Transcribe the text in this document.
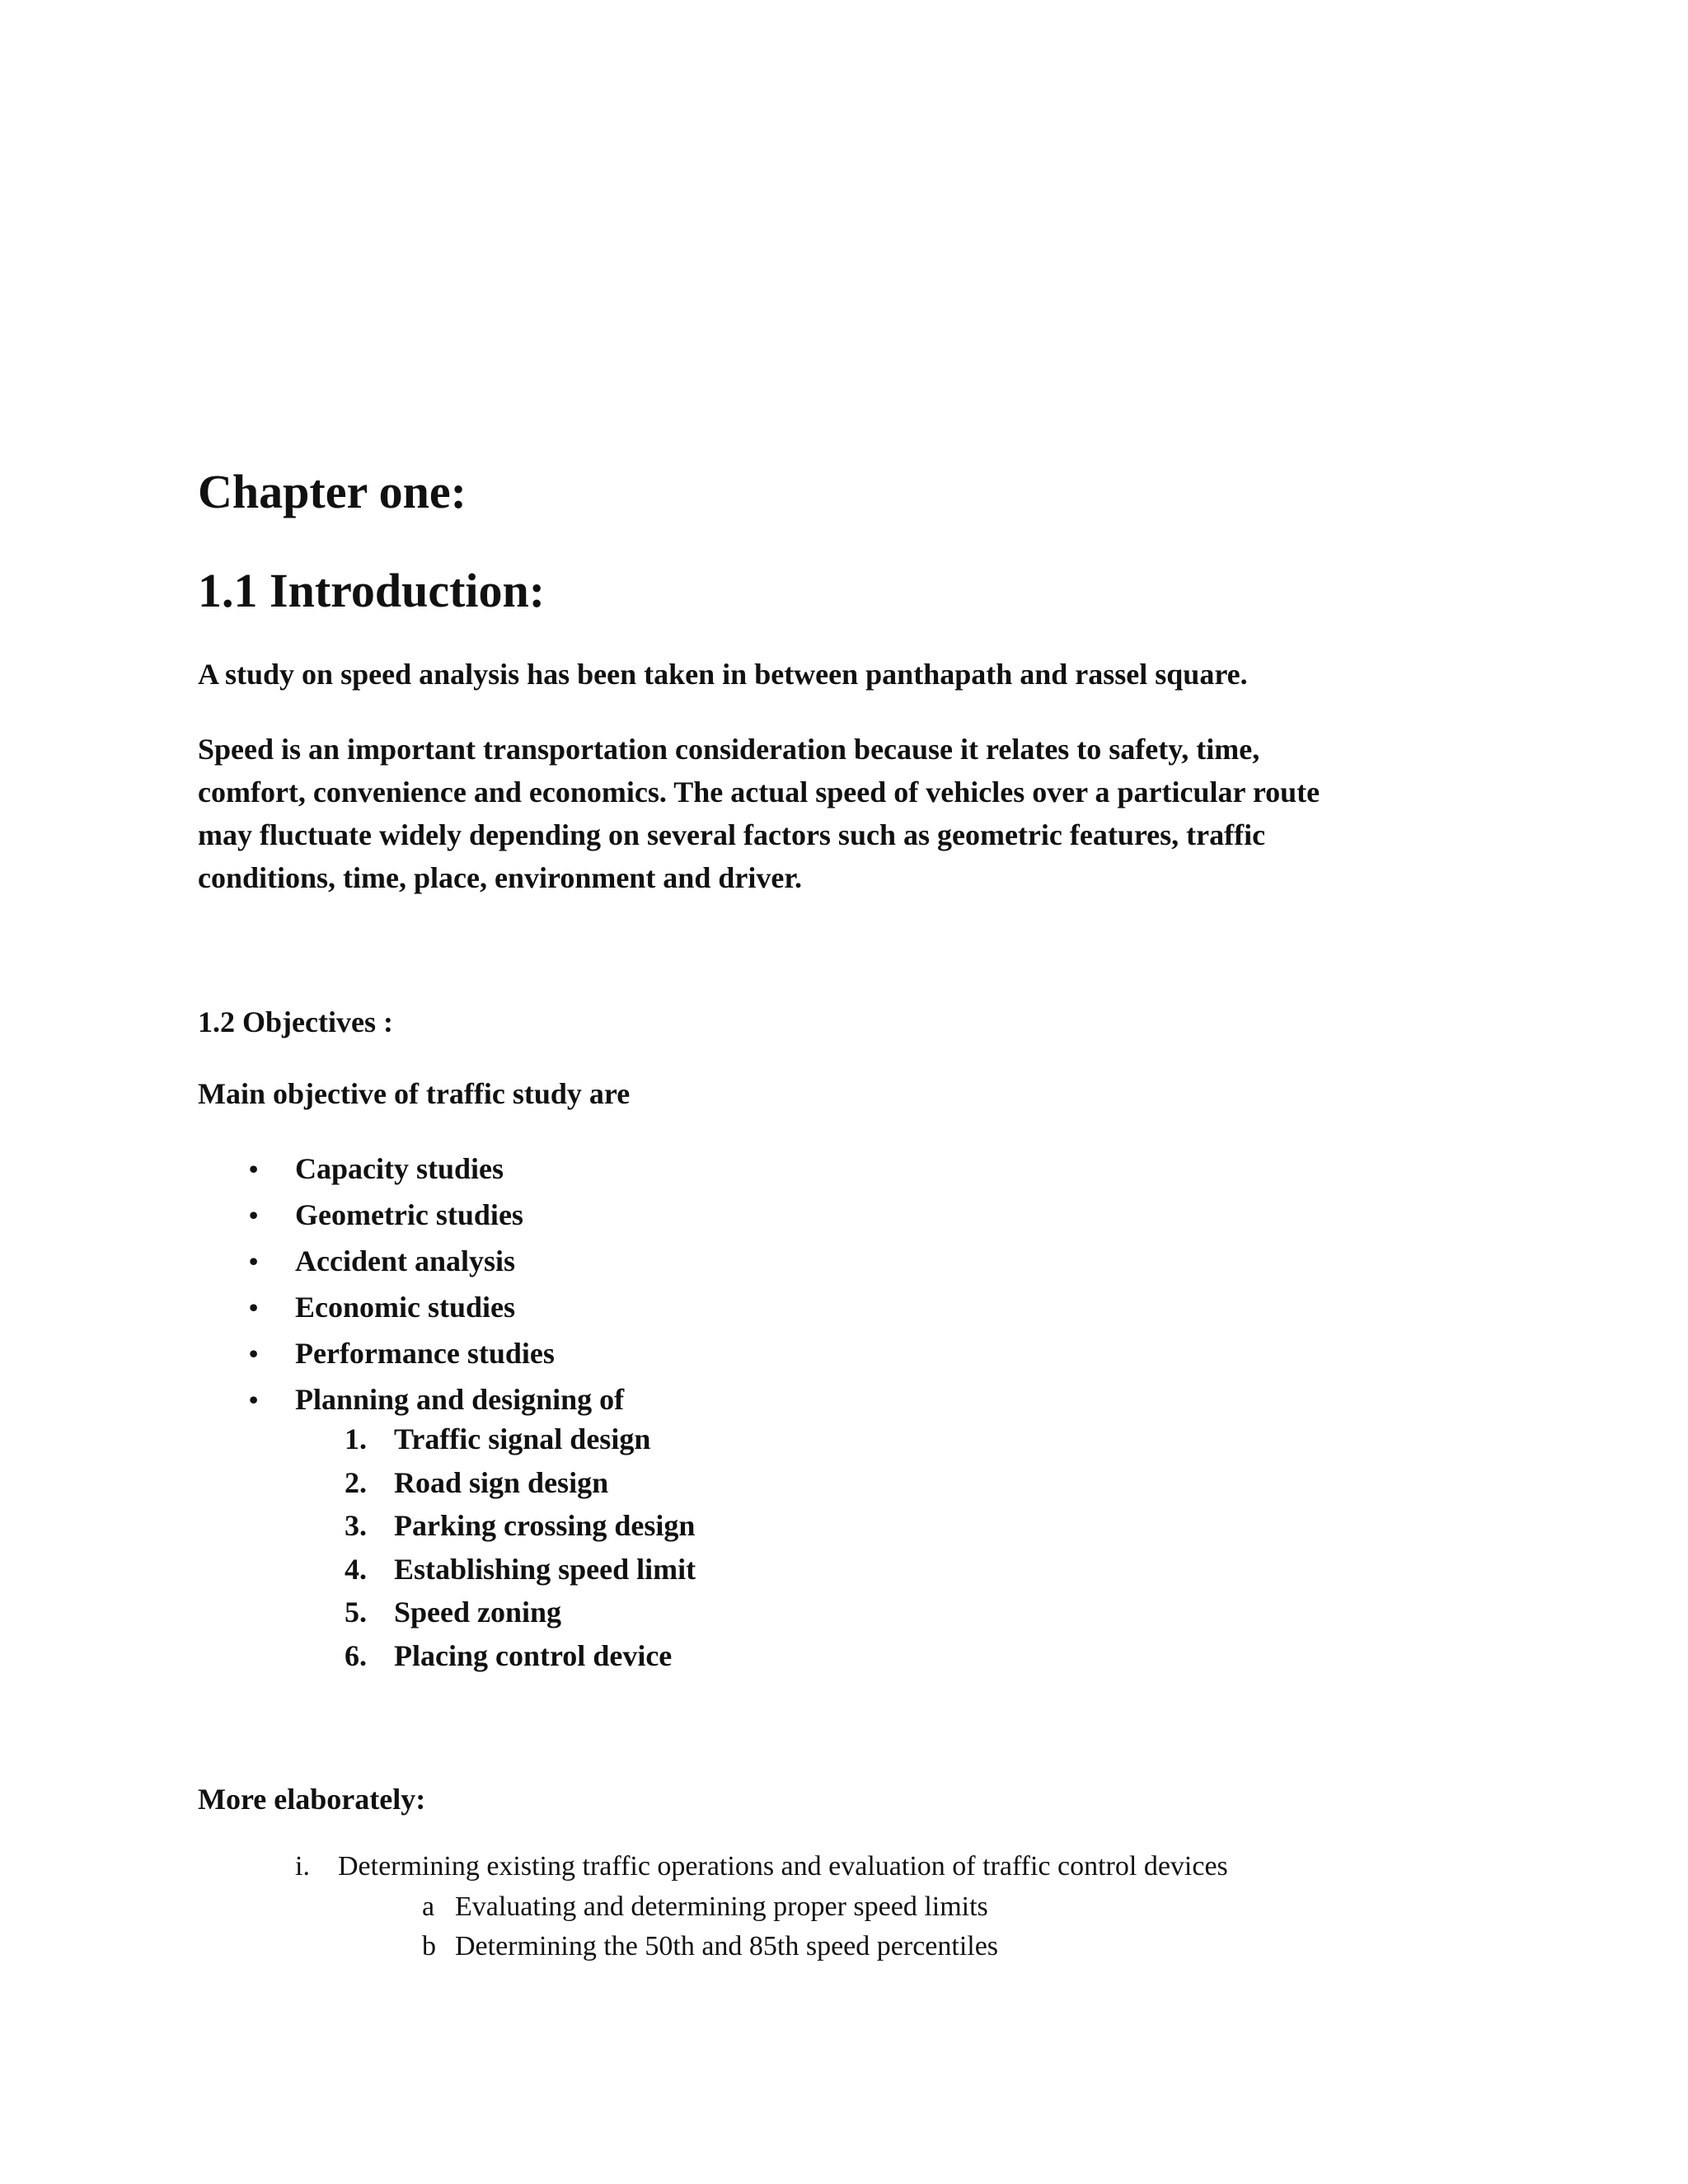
Chapter one:
1.1 Introduction:

A study on speed analysis has been taken in between panthapath and rassel square.

Speed is an important transportation consideration because it relates to safety, time,
comfort, convenience and economics. The actual speed of vehicles over a particular route
may fluctuate widely depending on several factors such as geometric features, traffic
conditions, time, place, environment and driver.

1.2 Objectives :

Main objective of traffic study are

• Capacity studies
• Geometric studies
• Accident analysis
• Economic studies
• Performance studies
• Planning and designing of
1. Traffic signal design
2. Road sign design
3. Parking crossing design
4. Establishing speed limit
5. Speed zoning
6. Placing control device

More elaborately:

i. Determining existing traffic operations and evaluation of traffic control devices
a Evaluating and determining proper speed limits
b Determining the 50th and 85th speed percentiles
